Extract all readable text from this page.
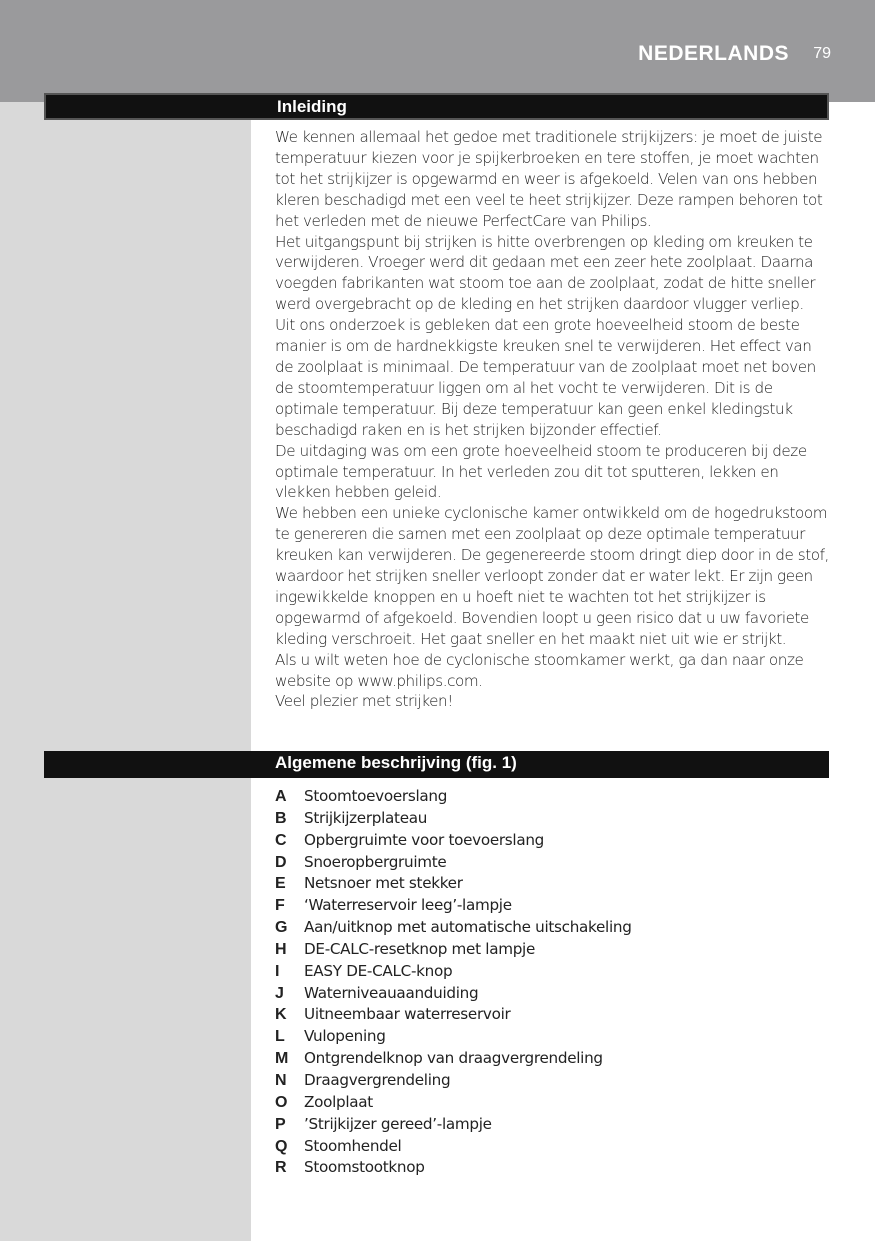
NEDERLANDS 79
Inleiding

We kennen allemaal het gedoe met traditionele strijkijzers: je moet de juiste temperatuur kiezen voor je spijkerbroeken en tere stoffen, je moet wachten tot het strijkijzer is opgewarmd en weer is afgekoeld. Velen van ons hebben kleren beschadigd met een veel te heet strijkijzer. Deze rampen behoren tot het verleden met de nieuwe PerfectCare van Philips.

Het uitgangspunt bij strijken is hitte overbrengen op kleding om kreuken te verwijderen. Vroeger werd dit gedaan met een zeer hete zoolplaat. Daarna voegden fabrikanten wat stoom toe aan de zoolplaat, zodat de hitte sneller werd overgebracht op de kleding en het strijken daardoor vlugger verliep.

Uit ons onderzoek is gebleken dat een grote hoeveelheid stoom de beste manier is om de hardnekkigste kreuken snel te verwijderen. Het effect van de zoolplaat is minimaal. De temperatuur van de zoolplaat moet net boven de stoomtemperatuur liggen om al het vocht te verwijderen. Dit is de optimale temperatuur. Bij deze temperatuur kan geen enkel kledingstuk beschadigd raken en is het strijken bijzonder effectief.

De uitdaging was om een grote hoeveelheid stoom te produceren bij deze optimale temperatuur. In het verleden zou dit tot sputteren, lekken en vlekken hebben geleid.

We hebben een unieke cyclonische kamer ontwikkeld om de hogedrukstoom te genereren die samen met een zoolplaat op deze optimale temperatuur kreuken kan verwijderen. De gegenereerde stoom dringt diep door in de stof, waardoor het strijken sneller verloopt zonder dat er water lekt. Er zijn geen ingewikkelde knoppen en u hoeft niet te wachten tot het strijkijzer is opgewarmd of afgekoeld. Bovendien loopt u geen risico dat u uw favoriete kleding verschroeit. Het gaat sneller en het maakt niet uit wie er strijkt.

Als u wilt weten hoe de cyclonische stoomkamer werkt, ga dan naar onze website op www.philips.com.

Veel plezier met strijken!

Algemene beschrijving (fig. 1)
A Stoomtoevoerslang
B Strijkijzerplateau
C Opbergruimte voor toevoerslang
D Snoeropbergruimte
E Netsnoer met stekker
F ‘Waterreservoir leeg’-lampje
G Aan/uitknop met automatische uitschakeling
H DE-CALC-resetknop met lampje
I EASY DE-CALC-knop
J Waterniveauaanduiding
K Uitneembaar waterreservoir
L Vulopening
M Ontgrendelknop van draagvergrendeling
N Draagvergrendeling
O Zoolplaat
P ’Strijkijzer gereed’-lampje
Q Stoomhendel
R Stoomstootknop
